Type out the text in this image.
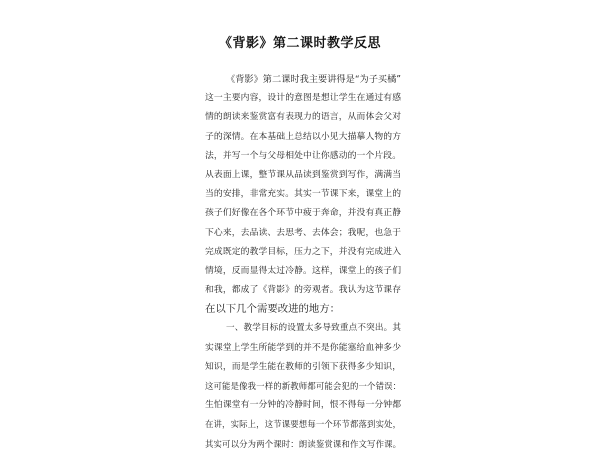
《背影》第二课时教学反思
《背影》第二课时我主要讲得是“为子买橘”
这一主要内容，设计的意图是想让学生在通过有感
情的朗读来鉴赏富有表现力的语言，从而体会父对
子的深情。在本基础上总结以小见大描摹人物的方
法，并写一个与父母相处中让你感动的一个片段。
从表面上课，整节课从品读到鉴赏到写作，满满当
当的安排，非常充实。其实一节课下来，课堂上的
孩子们好像在各个环节中疲于奔命，并没有真正静
下心来，去品读、去思考、去体会；我呢，也急于
完成既定的教学目标，压力之下，并没有完成进入
情境，反而显得太过冷静。这样，课堂上的孩子们
和我，都成了《背影》的旁观者。我认为这节课存
在以下几个需要改进的地方：
一、教学目标的设置太多导致重点不突出。其
实课堂上学生所能学到的并不是你能塞给血神多少
知识，而是学生能在教师的引领下获得多少知识，
这可能是像我一样的新教师都可能会犯的一个错误：
生怕课堂有一分钟的冷静时间，恨不得每一分钟都
在讲，实际上，这节课要想每一个环节都落到实处，
其实可以分为两个课时：朗读鉴赏课和作文写作课。
